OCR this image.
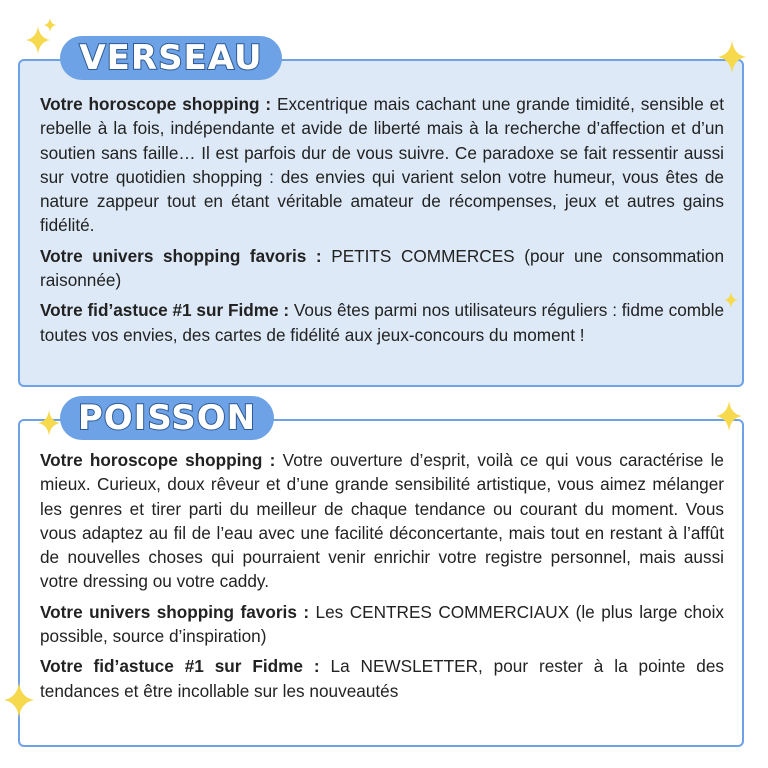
VERSEAU

Votre horoscope shopping : Excentrique mais cachant une grande timidité, sensible et rebelle à la fois, indépendante et avide de liberté mais à la recherche d’affection et d’un soutien sans faille… Il est parfois dur de vous suivre. Ce paradoxe se fait ressentir aussi sur votre quotidien shopping : des envies qui varient selon votre humeur, vous êtes de nature zappeur tout en étant véritable amateur de récompenses, jeux et autres gains fidélité.

Votre univers shopping favoris : PETITS COMMERCES (pour une consommation raisonnée)

Votre fid’astuce #1 sur Fidme : Vous êtes parmi nos utilisateurs réguliers : fidme comble toutes vos envies, des cartes de fidélité aux jeux-concours du moment !

POISSON

Votre horoscope shopping : Votre ouverture d’esprit, voilà ce qui vous caractérise le mieux. Curieux, doux rêveur et d’une grande sensibilité artistique, vous aimez mélanger les genres et tirer parti du meilleur de chaque tendance ou courant du moment. Vous vous adaptez au fil de l’eau avec une facilité déconcertante, mais tout en restant à l’affût de nouvelles choses qui pourraient venir enrichir votre registre personnel, mais aussi votre dressing ou votre caddy.

Votre univers shopping favoris : Les CENTRES COMMERCIAUX (le plus large choix possible, source d’inspiration)

Votre fid’astuce #1 sur Fidme : La NEWSLETTER, pour rester à la pointe des tendances et être incollable sur les nouveautés
